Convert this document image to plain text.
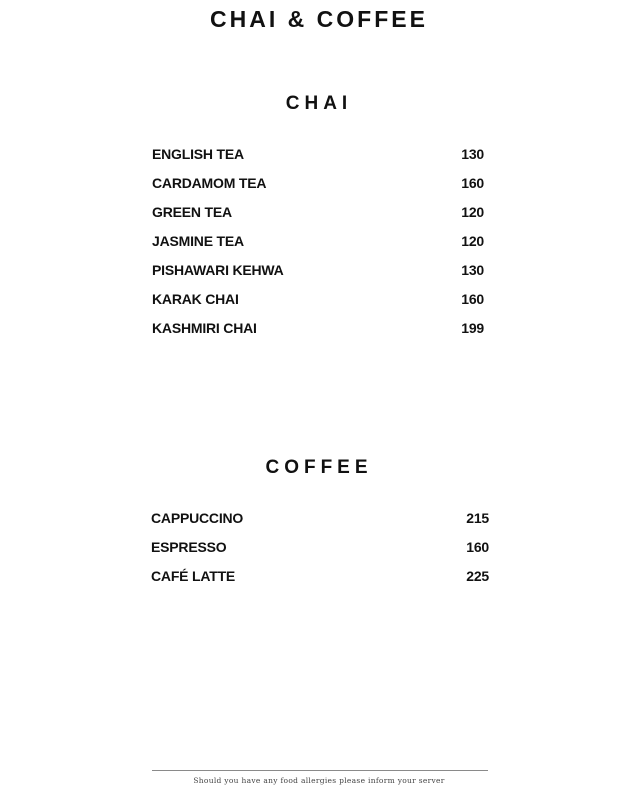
CHAI & COFFEE
CHAI
ENGLISH TEA	130
CARDAMOM TEA	160
GREEN TEA	120
JASMINE TEA	120
PISHAWARI KEHWA	130
KARAK CHAI	160
KASHMIRI CHAI	199
COFFEE
CAPPUCCINO	215
ESPRESSO	160
CAFÉ LATTE	225

Should you have any food allergies please inform your server
